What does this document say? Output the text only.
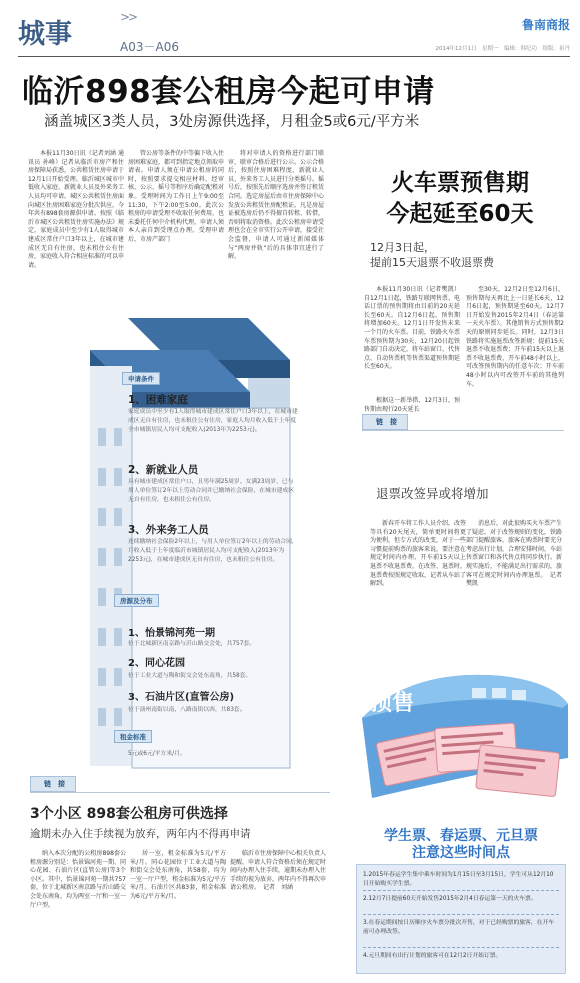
城事
>>
A03－A06
鲁南商报
2014年12月1日　星期一　编辑：韩纪功　组版：祖丹
临沂898套公租房今起可申请
涵盖城区3类人员，3处房源供选择，月租金5或6元/平方米

本报11月30日讯（记者刘涵 通讯员 孙峰）记者从临沂市房产和住房保障局获悉，公共租赁住房申请于12月1日开始受理。临沂城区城市中低收入家庭、新就业人员及外来务工人员均可申请。城区公共租赁住房面向城区住房困难家庭分批次供应，今年共有898套房源供申请。按照《临沂市城区公共租赁住房实施办法》规定，家庭成员中至少有1人取得城市建成区常住户口3年以上，在城市建成区无自有住房，也未租住公有住房，家庭收入符合相应标准的可以申请。

管公房等条件的中等偏下收入住房困难家庭，都可到指定地点领取申请表。申请人须在申请公租房的同时，按照要求提交相应材料，经审核、公示、摇号等程序后确定配租对象。受理时间为工作日上午9:00至11:30，下午2:00至5:00。此次公租房的申请受理不收取任何费用，也未委托任何中介机构代理，申请人须本人亲自到受理点办理。受理申请后，市房产部门

将对申请人的资格进行部门联审，联审合格后进行公示。公示合格后，按照住房困难程度、新就业人员、外来务工人员进行分类摇号。摇号后，按照先后顺序选房并签订租赁合同。选定房屋后由市住房保障中心发放公共租赁住房配租证。凡是房屋证被选房后仍不得擅自转租、转借，否则将取消资格。此次公租房申请受理也会在全市实行公开申请，接受社会监督，申请人可通过新闻媒体与“两房并轨”后的具体事宜进行了解。

申请条件
1、困难家庭
家庭成员中至少有1人取得城市建成区常住户口3年以上，在城市建成区无自有住房，也未租住公有住房，家庭人均月收入低于上年度全市城镇居民人均可支配收入(2013年为2253元)。
2、新就业人员
具有城市建成区常住户口，且男年满25周岁、女满23周岁，已与用人单位签订2年以上劳动合同并已缴纳社会保险，在城市建成区无自有住房，也未租住公有住房。
3、外来务工人员
连续缴纳社会保险2年以上，与用人单位签订2年以上的劳动合同，月收入低于上年度临沂市城镇居民人均可支配收入(2013年为2253元)，在城市建成区无自有住房，也未租住公有住房。
房源及分布
1、怡景锦河苑一期
位于北城新区南京路与沂山路交会处，共757套。
2、同心花园
位于工业大道与陶和街交会处东南角，共58套。
3、石油片区(直管公房)
位于演州南街以南、八路南街以西，共83套。
租金标准
5元或6元/平方米/月。
火车票预售期
今起延至60天
12月3日起，
提前15天退票不收退票费

本报11月30日讯（记者樊凯）自12月1日起，铁路互联网售票、电话订票的预售期将由目前的20天延长至60天。自12月6日起，预售期将增加60天。12月1日开发售未来一个月的火车票。目前，铁路火车票车票预售期为30天，12月20日起铁路部门自动决定，将车站窗口、代售点、自动售票机等售票渠道预售期延长至60天。

至30天，12月2日至12月6日，预售期每天再比上一日延长6天，12月6日起，预售期延至60天。12月7日开始发售2015年2月4日（春运第一天火车票）。其他销售方式预售期2天的原则同步延长。同时，12月3日铁路将实施退票改签新规：提前15天退票不收退票费；开车前15天以上退票不收退票费，开车前48小时以上，可改签预售期内的任意车次；开车前48小时以内可改签开车前的其他列车。

根据这一新举措，12月3日，预售期由现行20天延长

链　接
退票改签异或将增加

新春开车将工作人员介绍，改签等具有20天尾天，简单更时间将更为便利，但专方式的改变，对于一些习惯提前购票的旅客来说，要注意在规定时间内办理。开车前15天以上退票不收退票费，在改签、退票时，退票费按照规定收取，记者从车站了解到。

消息后，对此很购买火车票产生了疑虑。对于改签规则的变化，铁路部门提醒旅客，旅客在购票时要充分考虑出行计划，合理安排时间，车站售票窗口和各代售点将同步执行。新规实施后，不能满足出行需求的，旅客可在规定时间内办理退票。　记者　樊凯

预售
学生票、春运票、元旦票
注意这些时间点
1.2015年春运学生集中乘车时间为1月15日至3月15日，学生可从12月10日开始购买学生票。
2.12月7日提前60天开始发售2015年2月4日春运第一天的火车票。
3.在春运期间按日历顺序火车票分批次开售，对于已经购票的旅客，在开车前可办理改签。
4.元旦期间有出行计划的旅客可在12月2日开始订票。
链　接
3个小区 898套公租房可供选择
逾期未办入住手续视为放弃，两年内不得再申请

纳入本次分配的公租房898套公租房源分别是：怡景锦河苑一期、同心花园、石油片区(直管公房)等3个小区。其中，怡景锦河苑一期共757套，位于北城新区南京路与沂山路交会处东南角，均为两室一厅和一室一厅户型。

居一室，租金标准为5元/平方米/月。同心花园位于工业大道与陶和街交会处东南角，共58套，均为一室一厅户型，租金标准为5元/平方米/月。石油片区共83套，租金标准为6元/平方米/月。

临沂市住房保障中心相关负责人提醒，申请人符合资格后须在规定时间内办理入住手续，逾期未办理入住手续的视为放弃，两年内不得再次申请公租房。　记者　刘涵
